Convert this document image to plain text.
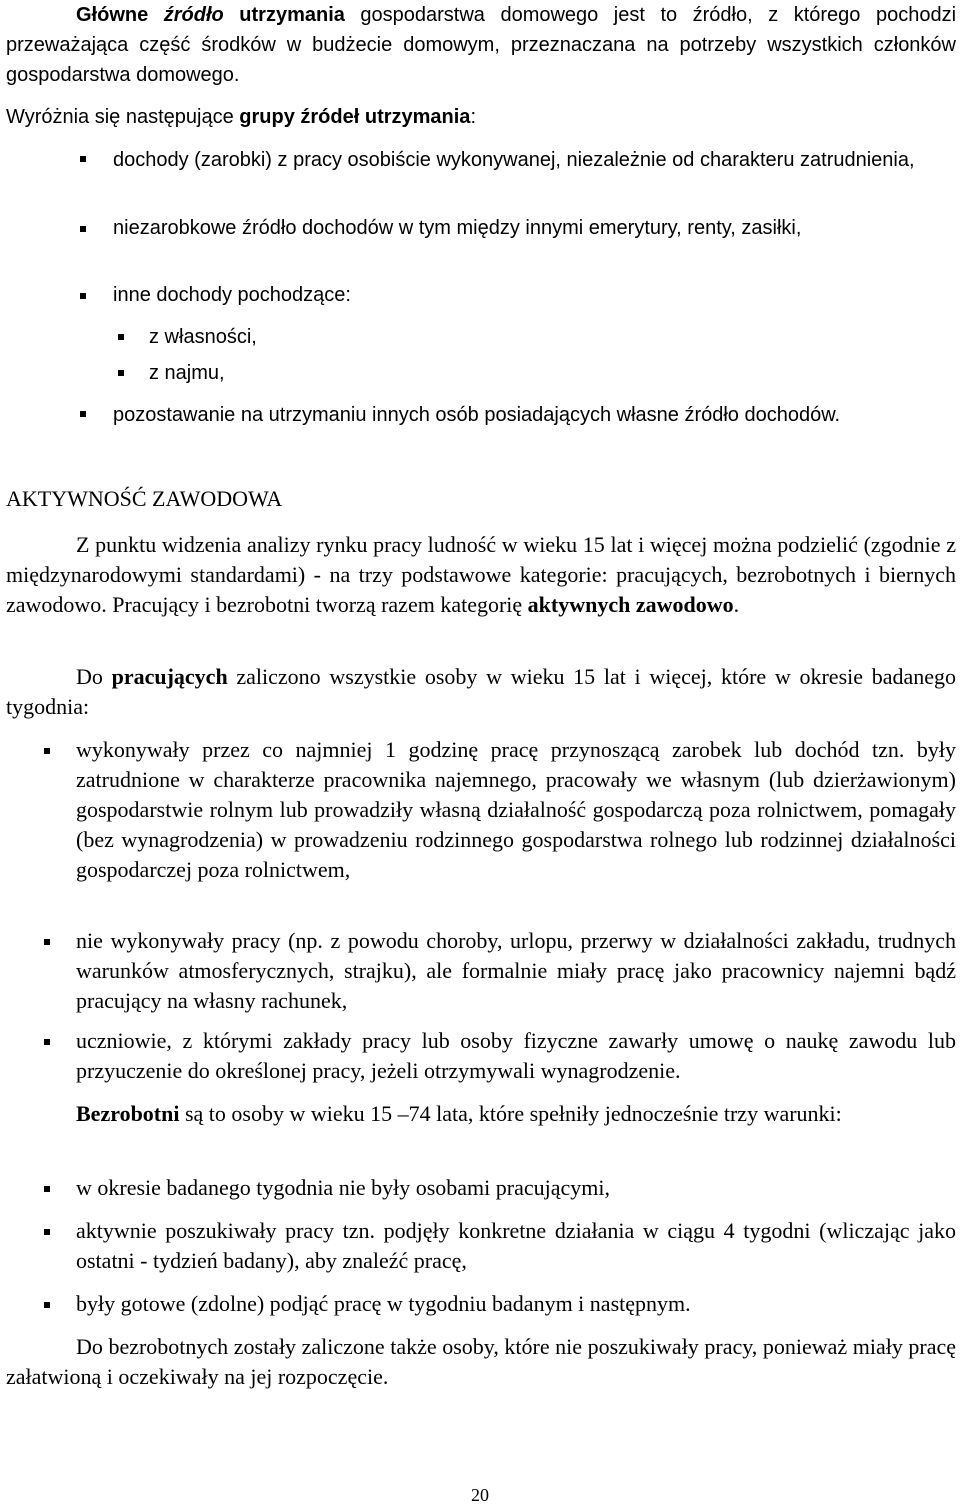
Główne źródło utrzymania gospodarstwa domowego jest to źródło, z którego pochodzi przeważająca część środków w budżecie domowym, przeznaczana na potrzeby wszystkich członków gospodarstwa domowego.

Wyróżnia się następujące grupy źródeł utrzymania:

dochody (zarobki) z pracy osobiście wykonywanej, niezależnie od charakteru zatrudnienia,

niezarobkowe źródło dochodów w tym między innymi emerytury, renty, zasiłki,

inne dochody pochodzące:

z własności,

z najmu,

pozostawanie na utrzymaniu innych osób posiadających własne źródło dochodów.

AKTYWNOŚĆ ZAWODOWA

Z punktu widzenia analizy rynku pracy ludność w wieku 15 lat i więcej można podzielić (zgodnie z międzynarodowymi standardami) - na trzy podstawowe kategorie: pracujących, bezrobotnych i biernych zawodowo. Pracujący i bezrobotni tworzą razem kategorię aktywnych zawodowo.

Do pracujących zaliczono wszystkie osoby w wieku 15 lat i więcej, które w okresie badanego tygodnia:

wykonywały przez co najmniej 1 godzinę pracę przynoszącą zarobek lub dochód tzn. były zatrudnione w charakterze pracownika najemnego, pracowały we własnym (lub dzierżawionym) gospodarstwie rolnym lub prowadziły własną działalność gospodarczą poza rolnictwem, pomagały (bez wynagrodzenia) w prowadzeniu rodzinnego gospodarstwa rolnego lub rodzinnej działalności gospodarczej poza rolnictwem,

nie wykonywały pracy (np. z powodu choroby, urlopu, przerwy w działalności zakładu, trudnych warunków atmosferycznych, strajku), ale formalnie miały pracę jako pracownicy najemni bądź pracujący na własny rachunek,

uczniowie, z którymi zakłady pracy lub osoby fizyczne zawarły umowę o naukę zawodu lub przyuczenie do określonej pracy, jeżeli otrzymywali wynagrodzenie.

Bezrobotni są to osoby w wieku 15 –74 lata, które spełniły jednocześnie trzy warunki:

w okresie badanego tygodnia nie były osobami pracującymi,

aktywnie poszukiwały pracy tzn. podjęły konkretne działania w ciągu 4 tygodni (wliczając jako ostatni - tydzień badany), aby znaleźć pracę,

były gotowe (zdolne) podjąć pracę w tygodniu badanym i następnym.

Do bezrobotnych zostały zaliczone także osoby, które nie poszukiwały pracy, ponieważ miały pracę załatwioną i oczekiwały na jej rozpoczęcie.

20
